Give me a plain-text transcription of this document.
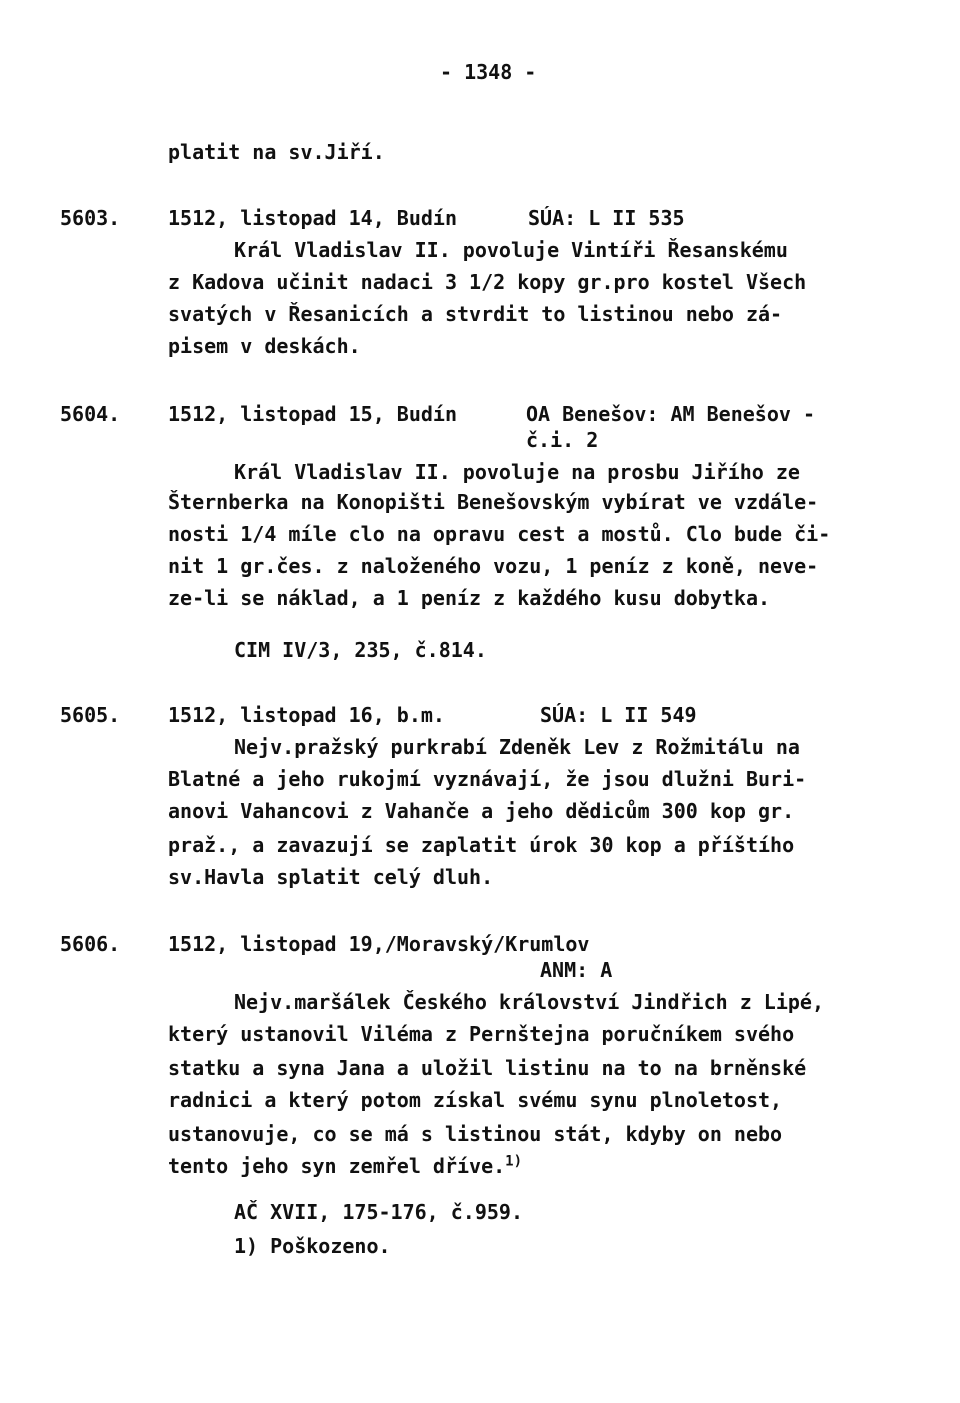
- 1348 -
platit na sv.Jiří.
5603. 1512, listopad 14, Budín	SÚA: L II 535
Král Vladislav II. povoluje Vintíři Řesanskému
z Kadova učinit nadaci 3 1/2 kopy gr.pro kostel Všech
svatých v Řesanicích a stvrdit to listinou nebo zá-
pisem v deskách.
5604. 1512, listopad 15, Budín	OA Benešov: AM Benešov -
č.i. 2
Král Vladislav II. povoluje na prosbu Jiřího ze
Šternberka na Konopišti Benešovským vybírat ve vzdále-
nosti 1/4 míle clo na opravu cest a mostů. Clo bude či-
nit 1 gr.čes. z naloženého vozu, 1 peníz z koně, neve-
ze-li se náklad, a 1 peníz z každého kusu dobytka.
CIM IV/3, 235, č.814.
5605. 1512, listopad 16, b.m.	SÚA: L II 549
Nejv.pražský purkrabí Zdeněk Lev z Rožmitálu na
Blatné a jeho rukojmí vyznávají, že jsou dlužni Buri-
anovi Vahancovi z Vahanče a jeho dědicům 300 kop gr.
praž., a zavazují se zaplatit úrok 30 kop a příštího
sv.Havla splatit celý dluh.
5606. 1512, listopad 19,/Moravský/Krumlov
ANM: A
Nejv.maršálek Českého království Jindřich z Lipé,
který ustanovil Viléma z Pernštejna poručníkem svého
statku a syna Jana a uložil listinu na to na brněnské
radnici a který potom získal svému synu plnoletost,
ustanovuje, co se má s listinou stát, kdyby on nebo
tento jeho syn zemřel dříve.$^{1)}$
AČ XVII, 175-176, č.959.
1) Poškozeno.
